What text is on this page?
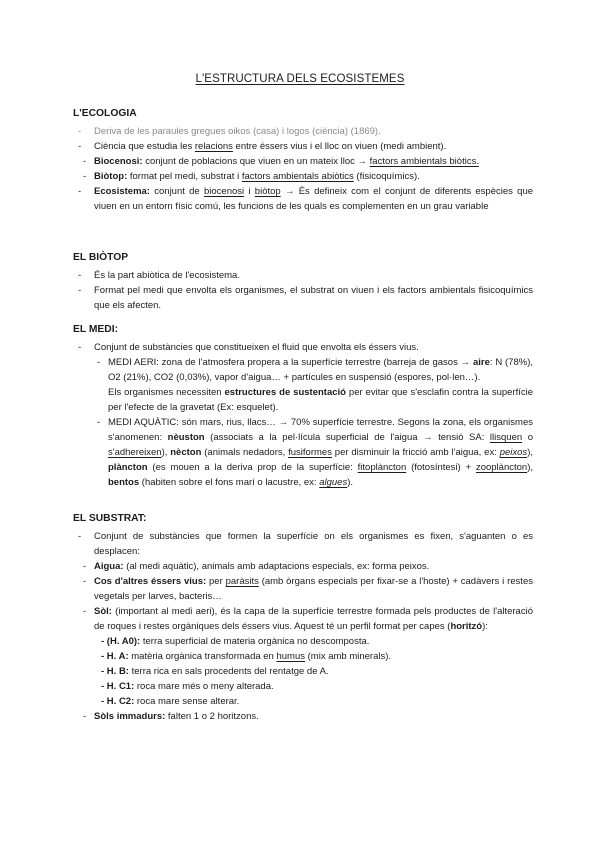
L'ESTRUCTURA DELS ECOSISTEMES

L'ECOLOGIA

- Deriva de les paraules gregues oikos (casa) i logos (ciència) (1869).

- Ciència que estudia les relacions entre éssers vius i el lloc on viuen (medi ambient).

- Biocenosi: conjunt de poblacions que viuen en un mateix lloc → factors ambientals biòtics.

- Biòtop: format pel medi, substrat i factors ambientals abiòtics (fisicoquímics).

- Ecosistema: conjunt de biocenosi i biòtop → És defineix com el conjunt de diferents espècies que viuen en un entorn físic comú, les funcions de les quals es complementen en un grau variable

EL BIÒTOP

- És la part abiòtica de l'ecosistema.

- Format pel medi que envolta els organismes, el substrat on viuen i els factors ambientals fisicoquímics que els afecten.

EL MEDI:

- Conjunt de substàncies que constitueixen el fluid que envolta els éssers vius.

- MEDI AERI: zona de l'atmosfera propera a la superfície terrestre (barreja de gasos → aire: N (78%), O2 (21%), CO2 (0,03%), vapor d'aigua… + partícules en suspensió (espores, pol·len…).

Els organismes necessiten estructures de sustentació per evitar que s'esclafin contra la superfície per l'efecte de la gravetat (Ex: esquelet).

- MEDI AQUÀTIC: són mars, rius, llacs… → 70% superfície terrestre. Segons la zona, els organismes s'anomenen: nèuston (associats a la pel·lícula superficial de l'aigua → tensió SA: llisquen o s'adhereixen), nècton (animals nedadors, fusiformes per disminuir la fricció amb l'aigua, ex: peixos), plàncton (es mouen a la deriva prop de la superfície: fitoplàncton (fotosíntesi) + zooplàncton), bentos (habiten sobre el fons marí o lacustre, ex: algues).

EL SUBSTRAT:

- Conjunt de substàncies que formen la superfície on els organismes es fixen, s'aguanten o es desplacen:

- Aigua: (al medi aquàtic), animals amb adaptacions especials, ex: forma peixos.

- Cos d'altres éssers vius: per paràsits (amb òrgans especials per fixar-se a l'hoste) + cadàvers i restes vegetals per larves, bacteris…

- Sòl: (important al medi aeri), és la capa de la superfície terrestre formada pels productes de l'alteració de roques i restes orgàniques dels éssers vius. Aquest té un perfil format per capes (horitzó):

- (H. A0): terra superficial de materia orgànica no descomposta.

- H. A: matèria orgànica transformada en humus (mix amb minerals).

- H. B: terra rica en sals procedents del rentatge de A.

- H. C1: roca mare més o meny alterada.

- H. C2: roca mare sense alterar.

- Sòls immadurs: falten 1 o 2 horitzons.
